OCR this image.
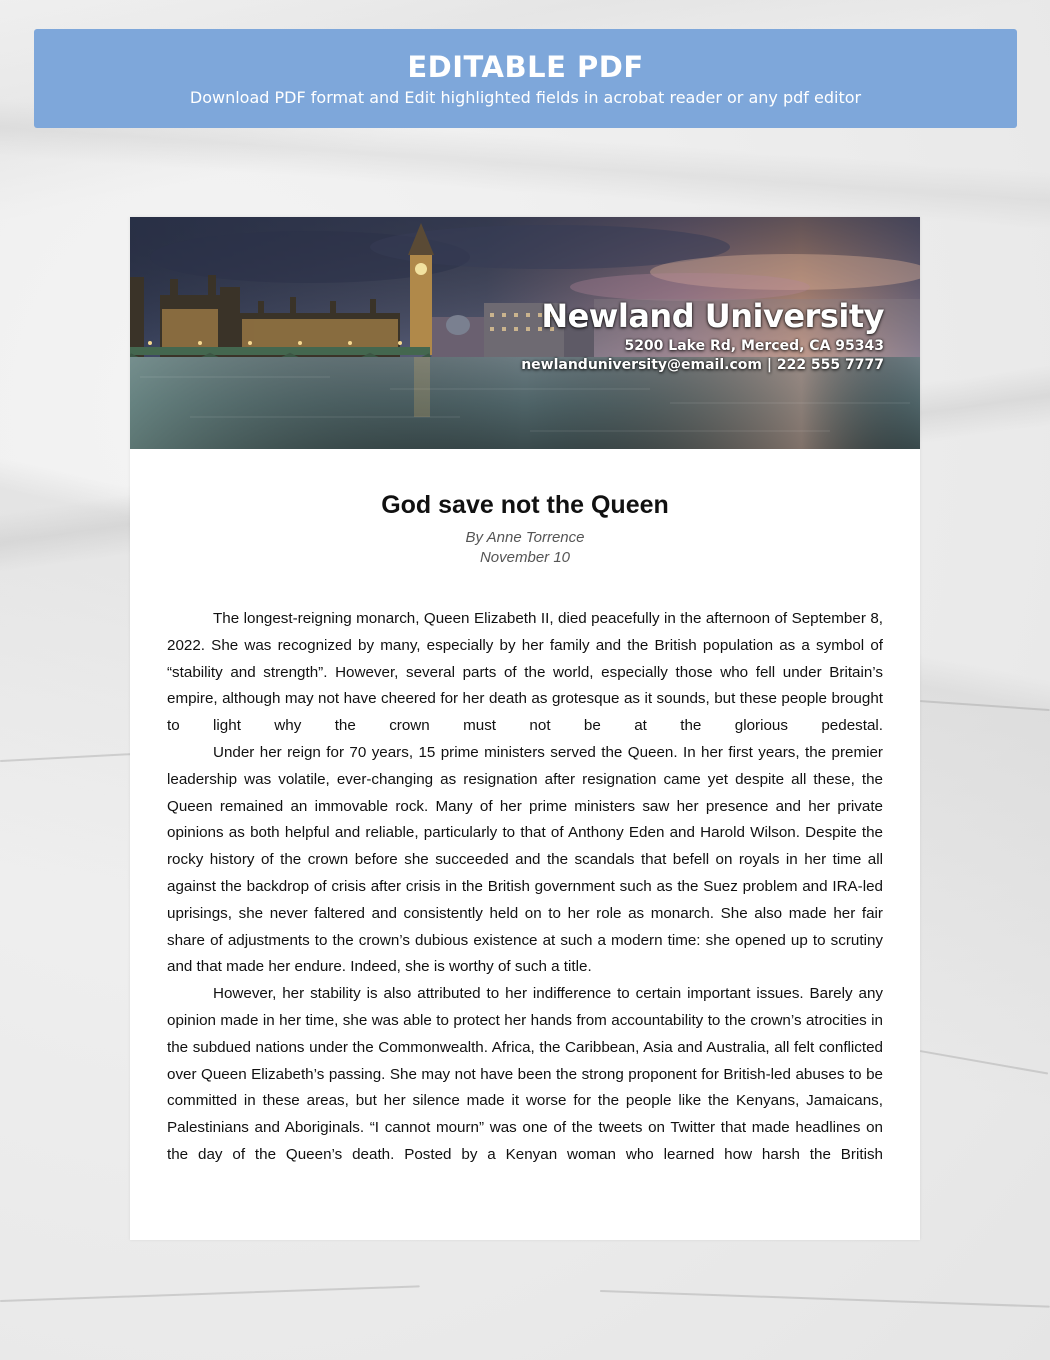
EDITABLE PDF
Download PDF format and Edit highlighted fields in acrobat reader or any pdf editor
Newland University
5200 Lake Rd, Merced, CA 95343
newlanduniversity@email.com | 222 555 7777
God save not the Queen
By Anne Torrence
November 10

The longest-reigning monarch, Queen Elizabeth II, died peacefully in the afternoon of September 8, 2022. She was recognized by many, especially by her family and the British population as a symbol of “stability and strength”. However, several parts of the world, especially those who fell under Britain’s empire, although may not have cheered for her death as grotesque as it sounds, but these people brought to light why the crown must not be at the glorious pedestal.

Under her reign for 70 years, 15 prime ministers served the Queen. In her first years, the premier leadership was volatile, ever-changing as resignation after resignation came yet despite all these, the Queen remained an immovable rock. Many of her prime ministers saw her presence and her private opinions as both helpful and reliable, particularly to that of Anthony Eden and Harold Wilson. Despite the rocky history of the crown before she succeeded and the scandals that befell on royals in her time all against the backdrop of crisis after crisis in the British government such as the Suez problem and IRA-led uprisings, she never faltered and consistently held on to her role as monarch. She also made her fair share of adjustments to the crown’s dubious existence at such a modern time: she opened up to scrutiny and that made her endure. Indeed, she is worthy of such a title.

However, her stability is also attributed to her indifference to certain important issues. Barely any opinion made in her time, she was able to protect her hands from accountability to the crown’s atrocities in the subdued nations under the Commonwealth. Africa, the Caribbean, Asia and Australia, all felt conflicted over Queen Elizabeth’s passing. She may not have been the strong proponent for British-led abuses to be committed in these areas, but her silence made it worse for the people like the Kenyans, Jamaicans, Palestinians and Aboriginals. “I cannot mourn” was one of the tweets on Twitter that made headlines on the day of the Queen’s death. Posted by a Kenyan woman who learned how harsh the British
